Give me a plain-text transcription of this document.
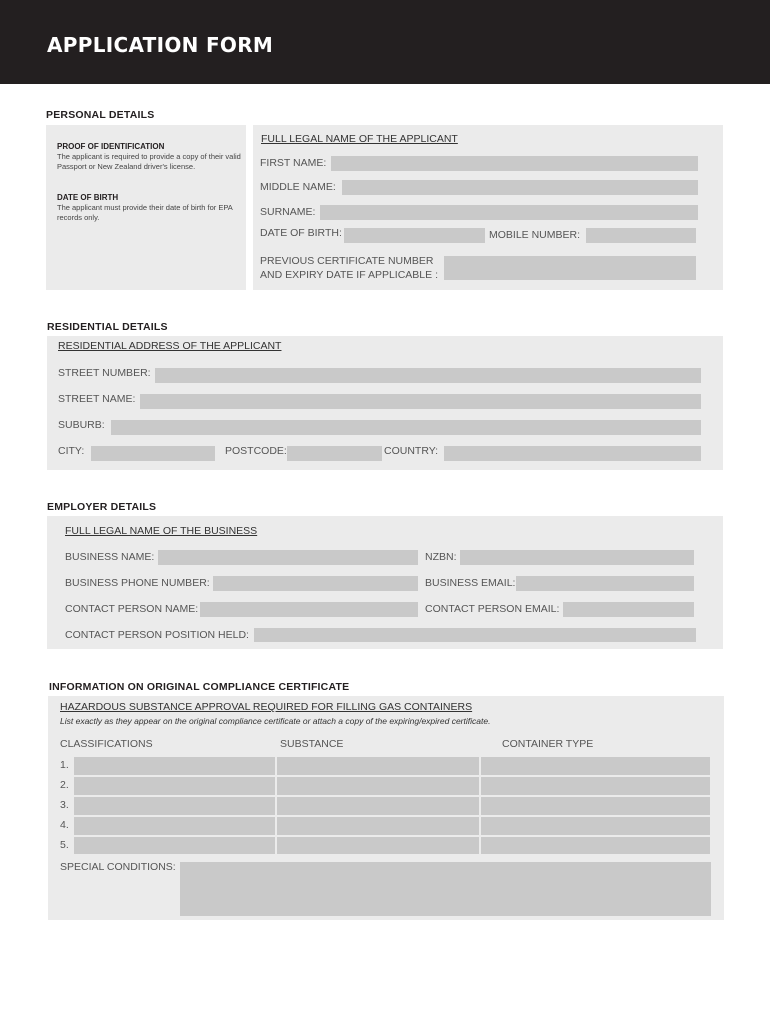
APPLICATION FORM
PERSONAL DETAILS
PROOF OF IDENTIFICATION
The applicant is required to provide a copy of their valid Passport or New Zealand driver's license.
DATE OF BIRTH
The applicant must provide their date of birth for EPA records only.
FULL LEGAL NAME OF THE APPLICANT
FIRST NAME:
MIDDLE NAME:
SURNAME:
DATE OF BIRTH:	MOBILE NUMBER:
PREVIOUS CERTIFICATE NUMBER
AND EXPIRY DATE IF APPLICABLE :
RESIDENTIAL DETAILS
RESIDENTIAL ADDRESS OF THE APPLICANT
STREET NUMBER:
STREET NAME:
SUBURB:
CITY:	POSTCODE:	COUNTRY:
EMPLOYER DETAILS
FULL LEGAL NAME OF THE BUSINESS
BUSINESS NAME:	NZBN:
BUSINESS PHONE NUMBER:	BUSINESS EMAIL:
CONTACT PERSON NAME:	CONTACT PERSON EMAIL:
CONTACT PERSON POSITION HELD:
INFORMATION ON ORIGINAL COMPLIANCE CERTIFICATE
HAZARDOUS SUBSTANCE APPROVAL REQUIRED FOR FILLING GAS CONTAINERS
List exactly as they appear on the original compliance certificate or attach a copy of the expiring/expired certificate.
CLASSIFICATIONS	SUBSTANCE	CONTAINER TYPE
1.
2.
3.
4.
5.
SPECIAL CONDITIONS:
